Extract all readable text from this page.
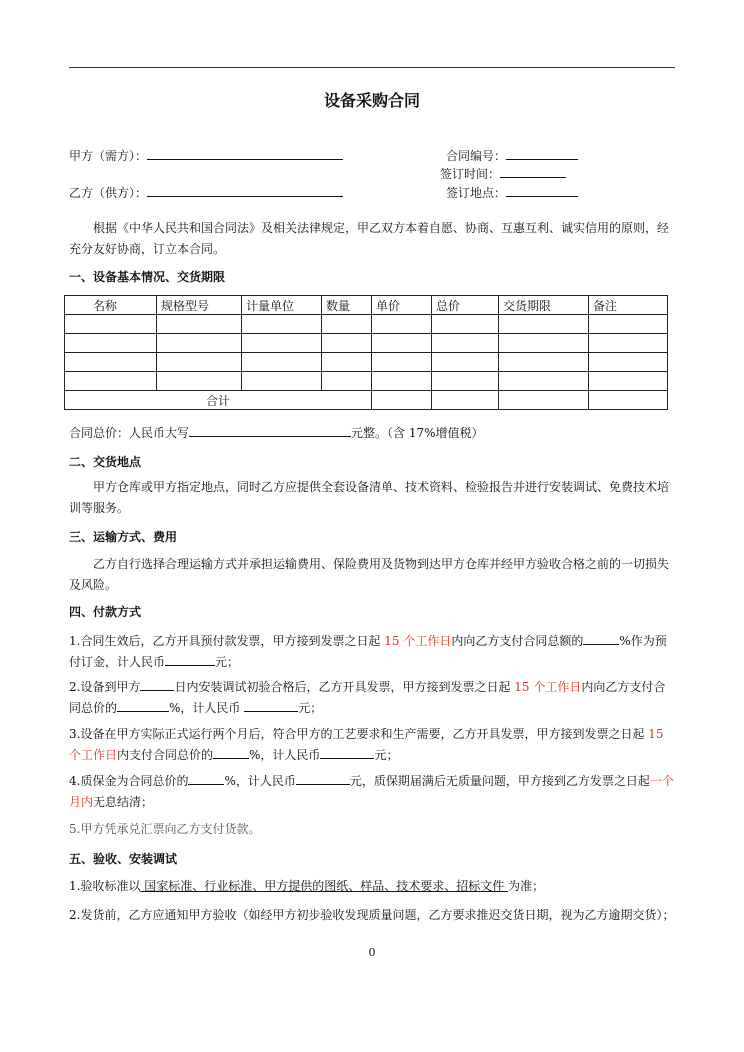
设备采购合同
甲方（需方）：	合同编号：
签订时间：
乙方（供方）：	签订地点：
根据《中华人民共和国合同法》及相关法律规定，甲乙双方本着自愿、协商、互惠互利、诚实信用的原则，经充分友好协商，订立本合同。
一、设备基本情况、交货期限
名称	规格型号	计量单位	数量	单价	总价	交货期限	备注

合计							
合同总价：人民币大写	元整。（含 17%增值税）
二、交货地点
甲方仓库或甲方指定地点，同时乙方应提供全套设备清单、技术资料、检验报告并进行安装调试、免费技术培训等服务。
三、运输方式、费用
乙方自行选择合理运输方式并承担运输费用、保险费用及货物到达甲方仓库并经甲方验收合格之前的一切损失及风险。
四、付款方式
1.合同生效后，乙方开具预付款发票，甲方接到发票之日起 15 个工作日内向乙方支付合同总额的	%作为预付订金，计人民币	元；
2.设备到甲方	日内安装调试初验合格后，乙方开具发票，甲方接到发票之日起 15 个工作日内向乙方支付合同总价的	%，计人民币	元；
3.设备在甲方实际正式运行两个月后，符合甲方的工艺要求和生产需要，乙方开具发票，甲方接到发票之日起 15 个工作日内支付合同总价的	%，计人民币	元；
4.质保金为合同总价的	%，计人民币	元，质保期届满后无质量问题，甲方接到乙方发票之日起一个月内无息结清；
5.甲方凭承兑汇票向乙方支付货款。
五、验收、安装调试
1.验收标准以 国家标准、行业标准、甲方提供的图纸、样品、技术要求、招标文件 为准；
2.发货前，乙方应通知甲方验收（如经甲方初步验收发现质量问题，乙方要求推迟交货日期，视为乙方逾期交货）；
0
